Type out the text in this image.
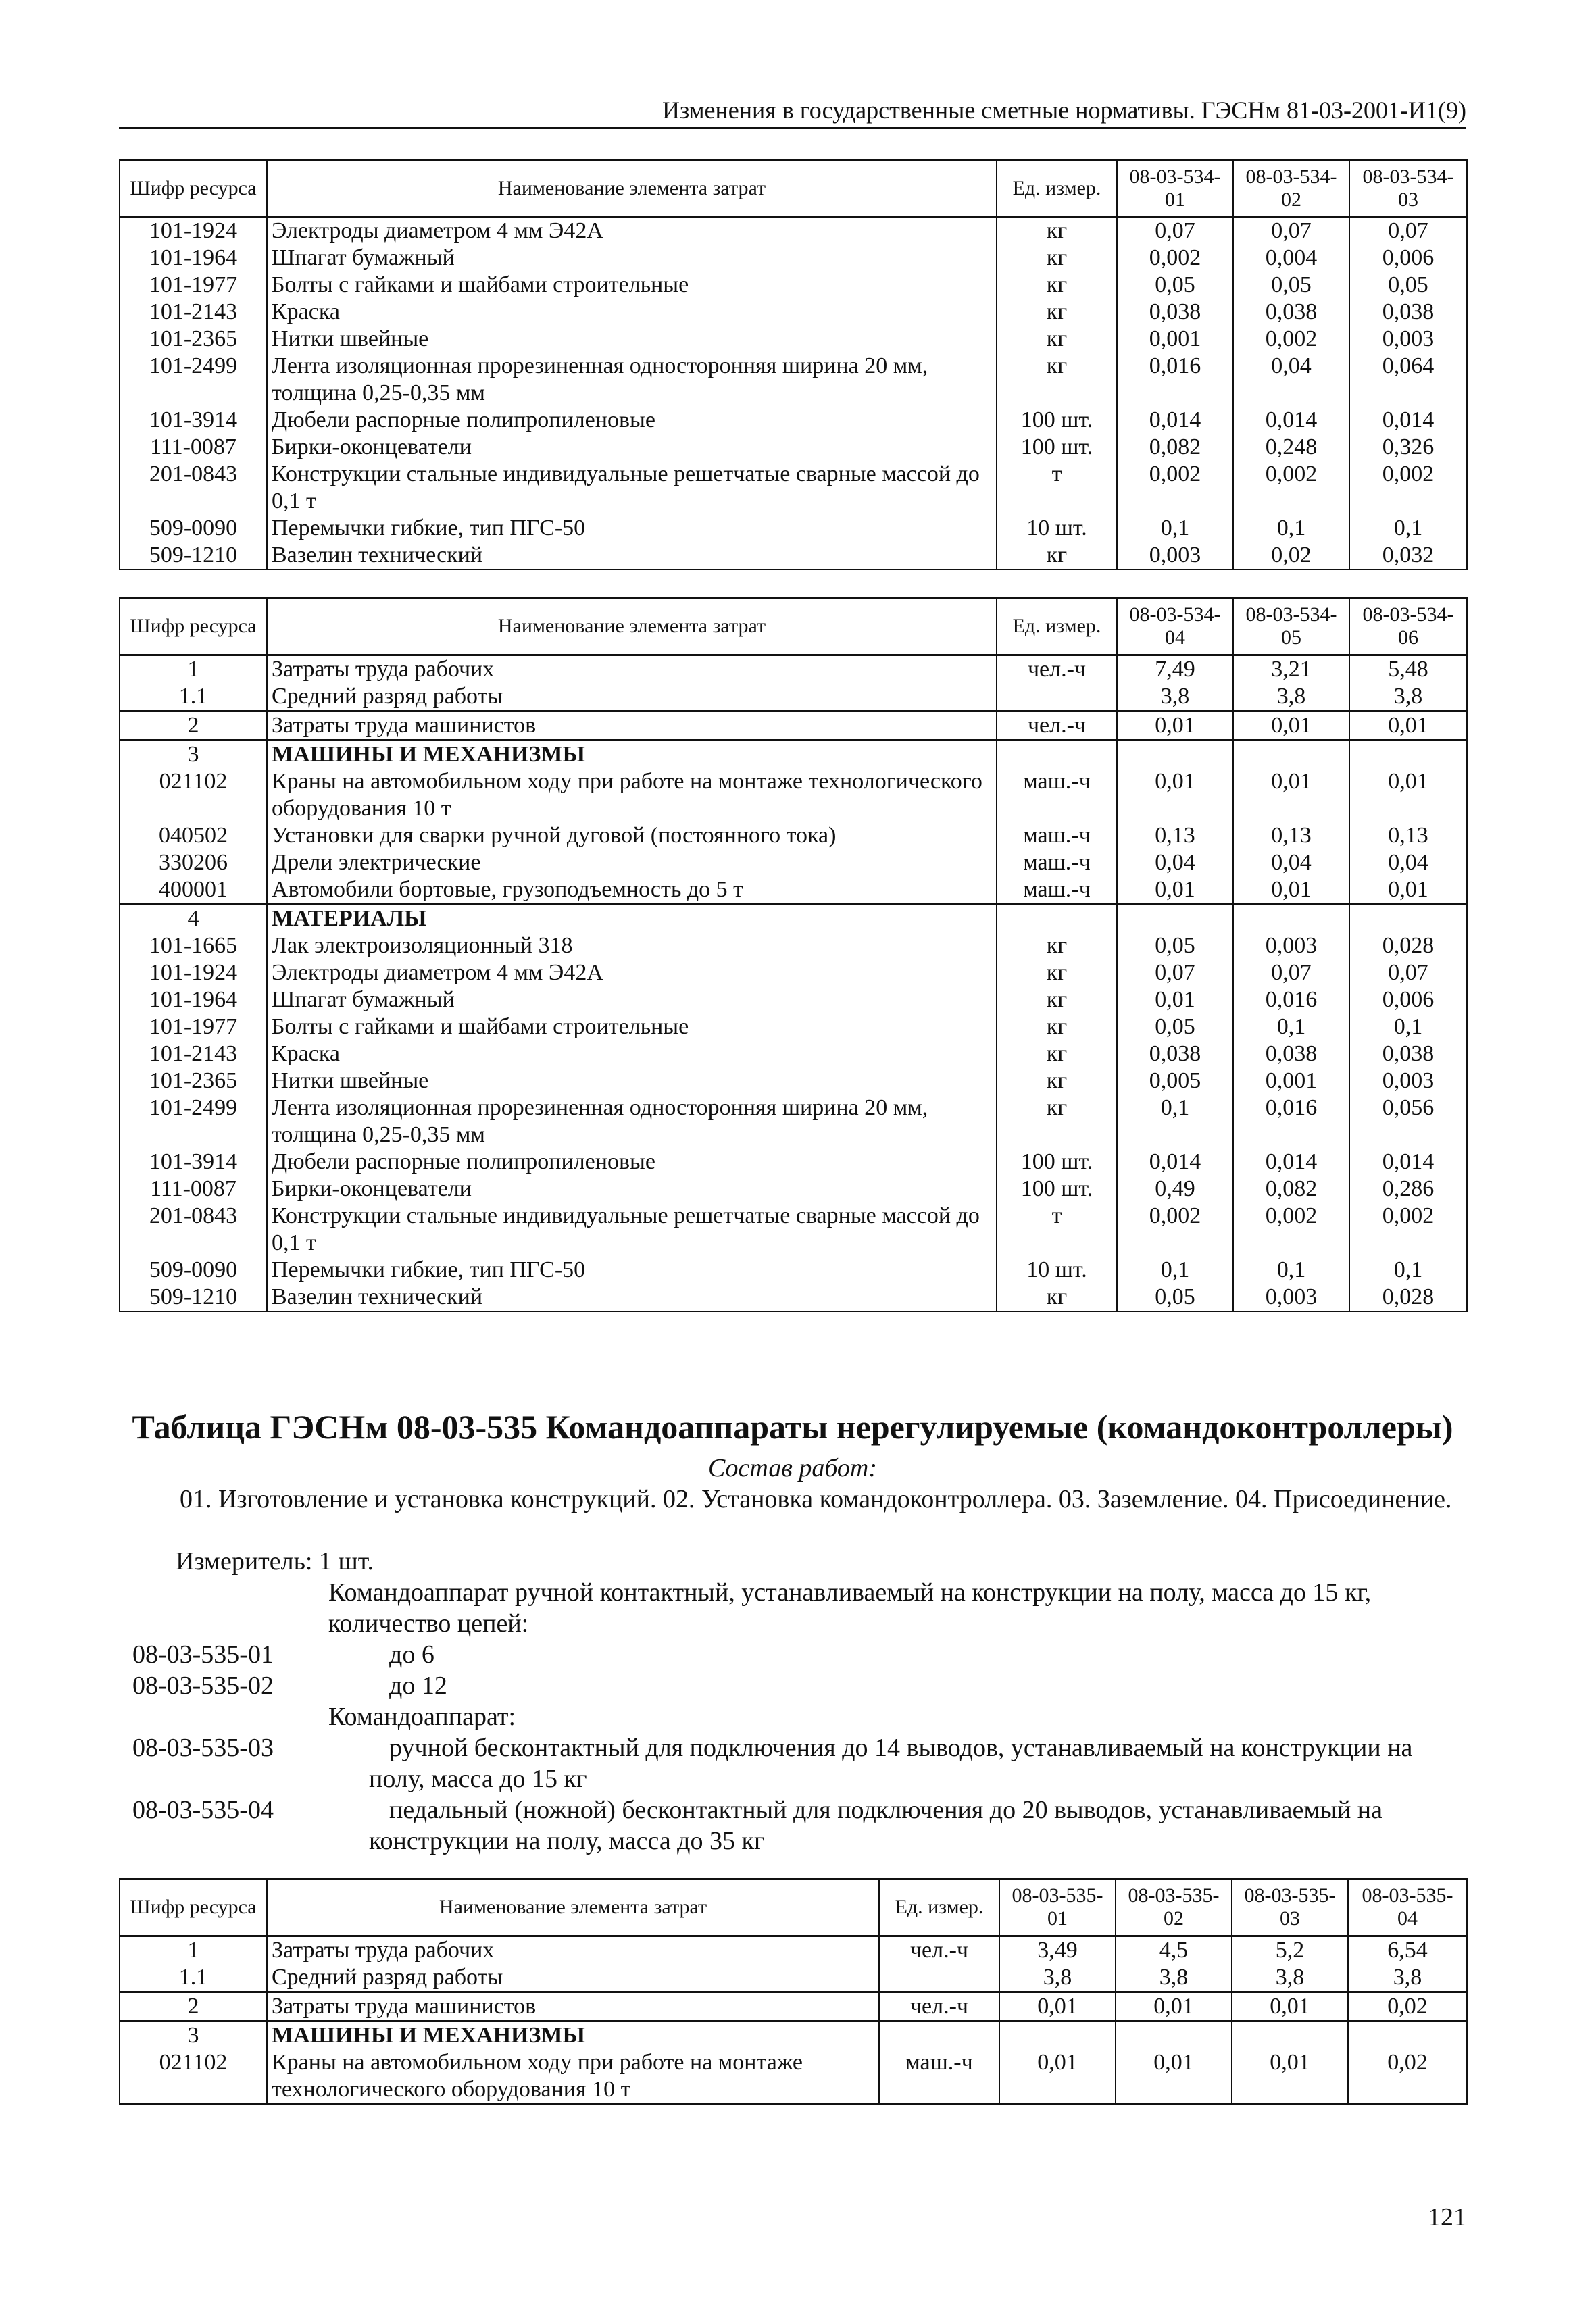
Изменения в государственные сметные нормативы. ГЭСНм 81-03-2001-И1(9)
Шифр ресурса	Наименование элемента затрат	Ед. измер.	08-03-534-01	08-03-534-02	08-03-534-03
101-1924	Электроды диаметром 4 мм Э42А	кг	0,07	0,07	0,07
101-1964	Шпагат бумажный	кг	0,002	0,004	0,006
101-1977	Болты с гайками и шайбами строительные	кг	0,05	0,05	0,05
101-2143	Краска	кг	0,038	0,038	0,038
101-2365	Нитки швейные	кг	0,001	0,002	0,003
101-2499	Лента изоляционная прорезиненная односторонняя ширина 20 мм, толщина 0,25-0,35 мм	кг	0,016	0,04	0,064
101-3914	Дюбели распорные полипропиленовые	100 шт.	0,014	0,014	0,014
111-0087	Бирки-оконцеватели	100 шт.	0,082	0,248	0,326
201-0843	Конструкции стальные индивидуальные решетчатые сварные массой до 0,1 т	т	0,002	0,002	0,002
509-0090	Перемычки гибкие, тип ПГС-50	10 шт.	0,1	0,1	0,1
509-1210	Вазелин технический	кг	0,003	0,02	0,032
Шифр ресурса	Наименование элемента затрат	Ед. измер.	08-03-534-04	08-03-534-05	08-03-534-06
1	Затраты труда рабочих	чел.-ч	7,49	3,21	5,48
1.1	Средний разряд работы		3,8	3,8	3,8
2	Затраты труда машинистов	чел.-ч	0,01	0,01	0,01
3	МАШИНЫ И МЕХАНИЗМЫ				
021102	Краны на автомобильном ходу при работе на монтаже технологического оборудования 10 т	маш.-ч	0,01	0,01	0,01
040502	Установки для сварки ручной дуговой (постоянного тока)	маш.-ч	0,13	0,13	0,13
330206	Дрели электрические	маш.-ч	0,04	0,04	0,04
400001	Автомобили бортовые, грузоподъемность до 5 т	маш.-ч	0,01	0,01	0,01
4	МАТЕРИАЛЫ				
101-1665	Лак электроизоляционный 318	кг	0,05	0,003	0,028
101-1924	Электроды диаметром 4 мм Э42А	кг	0,07	0,07	0,07
101-1964	Шпагат бумажный	кг	0,01	0,016	0,006
101-1977	Болты с гайками и шайбами строительные	кг	0,05	0,1	0,1
101-2143	Краска	кг	0,038	0,038	0,038
101-2365	Нитки швейные	кг	0,005	0,001	0,003
101-2499	Лента изоляционная прорезиненная односторонняя ширина 20 мм, толщина 0,25-0,35 мм	кг	0,1	0,016	0,056
101-3914	Дюбели распорные полипропиленовые	100 шт.	0,014	0,014	0,014
111-0087	Бирки-оконцеватели	100 шт.	0,49	0,082	0,286
201-0843	Конструкции стальные индивидуальные решетчатые сварные массой до 0,1 т	т	0,002	0,002	0,002
509-0090	Перемычки гибкие, тип ПГС-50	10 шт.	0,1	0,1	0,1
509-1210	Вазелин технический	кг	0,05	0,003	0,028
Таблица ГЭСНм 08-03-535 Командоаппараты нерегулируемые (командоконтроллеры)
Состав работ:
01. Изготовление и установка конструкций. 02. Установка командоконтроллера. 03. Заземление. 04. Присоединение.
Измеритель: 1 шт.
Командоаппарат ручной контактный, устанавливаемый на конструкции на полу, масса до 15 кг, количество цепей:
08-03-535-01	до 6
08-03-535-02	до 12
Командоаппарат:
08-03-535-03	ручной бесконтактный для подключения до 14 выводов, устанавливаемый на конструкции на полу, масса до 15 кг
08-03-535-04	педальный (ножной) бесконтактный для подключения до 20 выводов, устанавливаемый на конструкции на полу, масса до 35 кг
Шифр ресурса	Наименование элемента затрат	Ед. измер.	08-03-535-01	08-03-535-02	08-03-535-03	08-03-535-04
1	Затраты труда рабочих	чел.-ч	3,49	4,5	5,2	6,54
1.1	Средний разряд работы		3,8	3,8	3,8	3,8
2	Затраты труда машинистов	чел.-ч	0,01	0,01	0,01	0,02
3	МАШИНЫ И МЕХАНИЗМЫ					
021102	Краны на автомобильном ходу при работе на монтаже технологического оборудования 10 т	маш.-ч	0,01	0,01	0,01	0,02
121
